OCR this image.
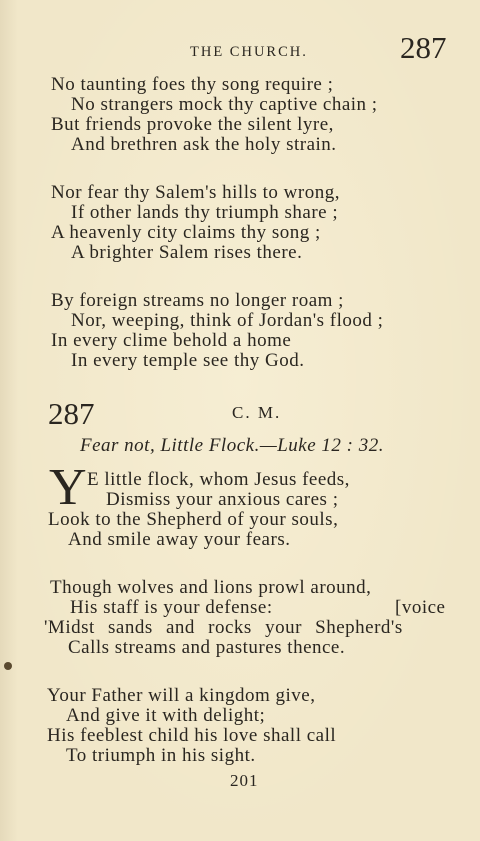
THE CHURCH.	287
No taunting foes thy song require ;
No strangers mock thy captive chain ;
But friends provoke the silent lyre,
And brethren ask the holy strain.
Nor fear thy Salem's hills to wrong,
If other lands thy triumph share ;
A heavenly city claims thy song ;
A brighter Salem rises there.
By foreign streams no longer roam ;
Nor, weeping, think of Jordan's flood ;
In every clime behold a home
In every temple see thy God.
287	C. M.
Fear not, Little Flock.—Luke 12 : 32.
Y E little flock, whom Jesus feeds,
Dismiss your anxious cares ;
Look to the Shepherd of your souls,
And smile away your fears.
Though wolves and lions prowl around,
His staff is your defense:	[voice
'Midst sands and rocks your Shepherd's
Calls streams and pastures thence.
Your Father will a kingdom give,
And give it with delight;
His feeblest child his love shall call
To triumph in his sight.
201
